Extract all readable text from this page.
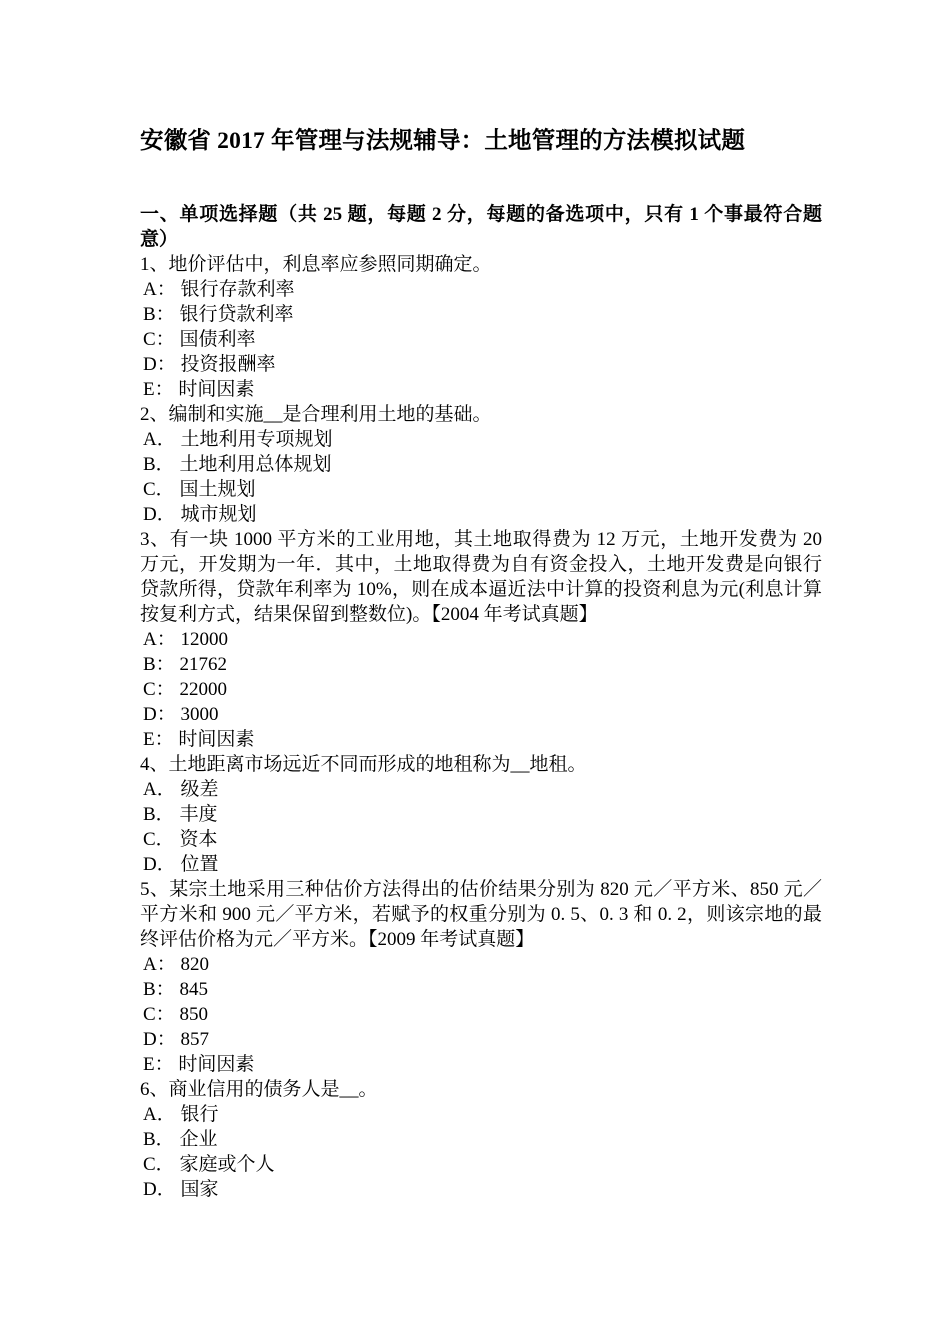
安徽省 2017 年管理与法规辅导：土地管理的方法模拟试题

一、单项选择题（共 25 题，每题 2 分，每题的备选项中，只有 1 个事最符合题意）

1、地价评估中，利息率应参照同期确定。

A： 银行存款利率
B： 银行贷款利率
C： 国债利率
D： 投资报酬率
E： 时间因素

2、编制和实施__是合理利用土地的基础。

A． 土地利用专项规划
B． 土地利用总体规划
C． 国土规划
D． 城市规划

3、有一块 1000 平方米的工业用地，其土地取得费为 12 万元，土地开发费为 20 万元，开发期为一年．其中，土地取得费为自有资金投入，土地开发费是向银行贷款所得，贷款年利率为 10%，则在成本逼近法中计算的投资利息为元(利息计算按复利方式，结果保留到整数位)。【2004 年考试真题】

A： 12000
B： 21762
C： 22000
D： 3000
E： 时间因素

4、土地距离市场远近不同而形成的地租称为__地租。

A． 级差
B． 丰度
C． 资本
D． 位置

5、某宗土地采用三种估价方法得出的估价结果分别为 820 元／平方米、850 元／平方米和 900 元／平方米，若赋予的权重分别为 0. 5、0. 3 和 0. 2，则该宗地的最终评估价格为元／平方米。【2009 年考试真题】

A： 820
B： 845
C： 850
D： 857
E： 时间因素

6、商业信用的债务人是__。

A． 银行
B． 企业
C． 家庭或个人
D． 国家
